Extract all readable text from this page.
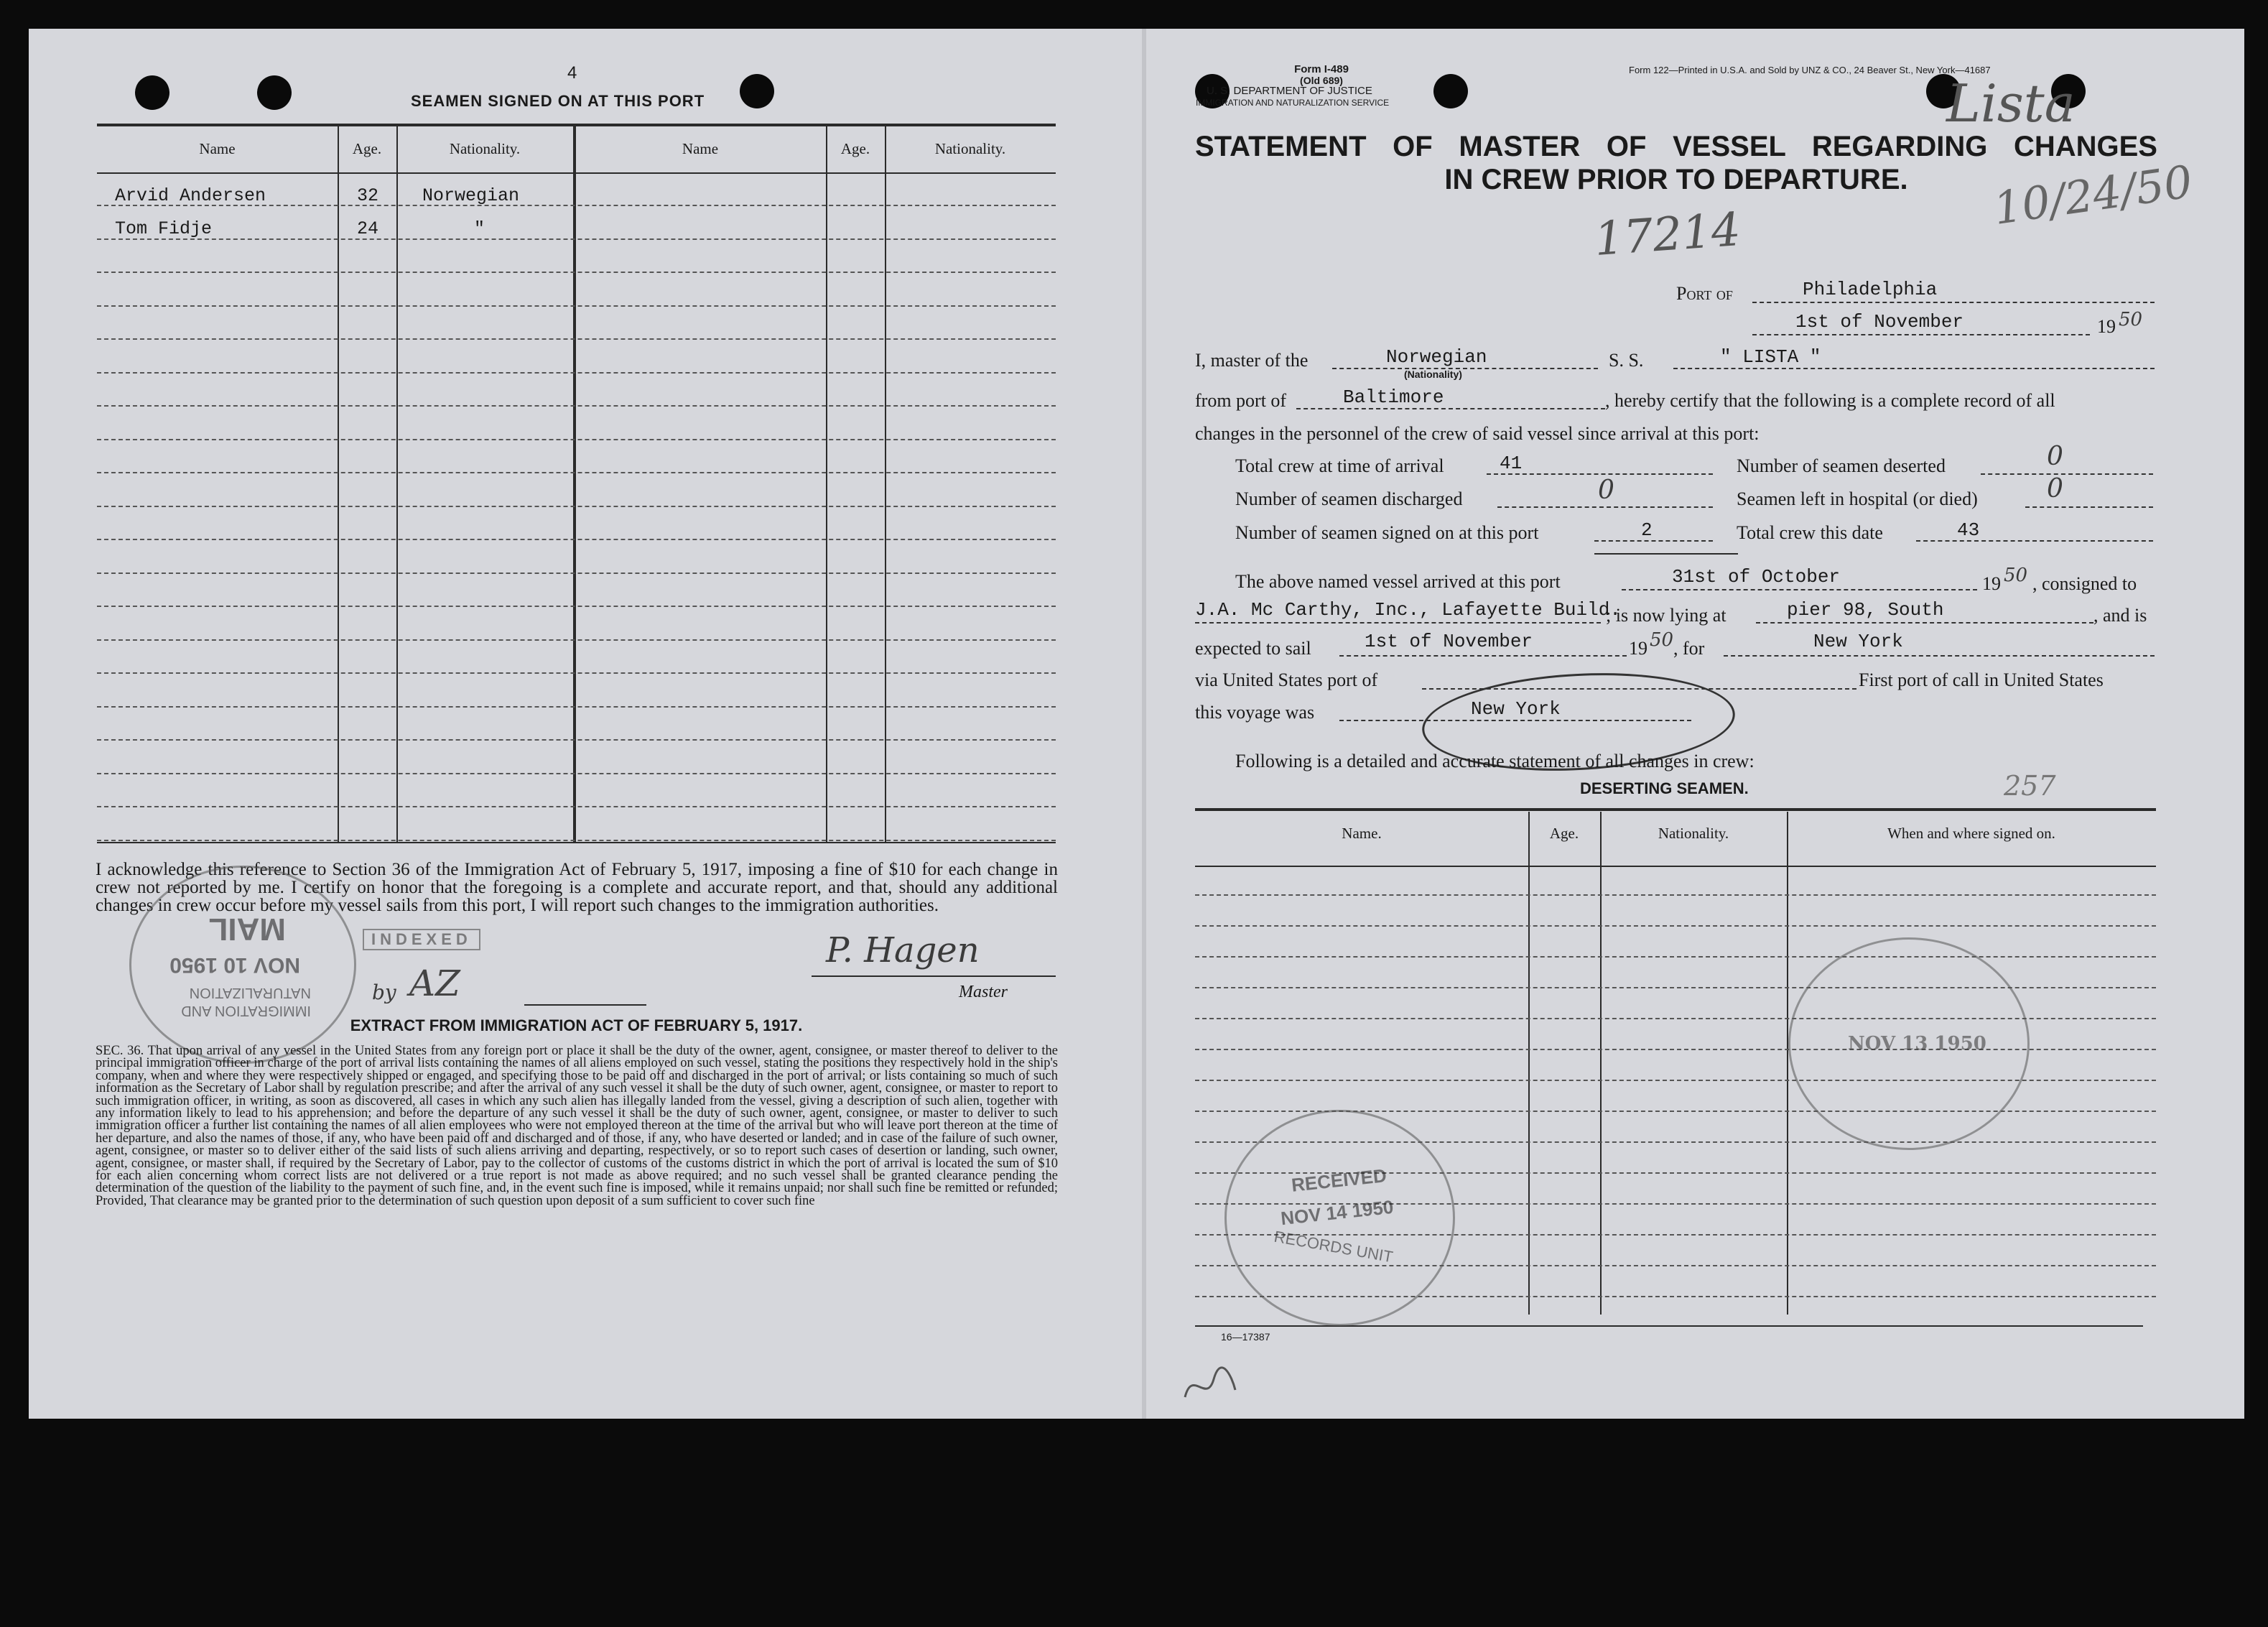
4
SEAMEN SIGNED ON AT THIS PORT
Name	Age.	Nationality.	Name	Age.	Nationality.
Arvid Andersen	32 Norwegian
Tom Fidje	24	"
I acknowledge this reference to Section 36 of the Immigration Act of February 5, 1917, imposing a fine of $10 for each change in crew not reported by me. I certify on honor that the foregoing is a complete and accurate report, and that, should any additional changes in crew occur before my vessel sails from this port, I will report such changes to the immigration authorities.
P. Hagen
Master
INDEXED
by AZ
IMMIGRATION AND
NATURALIZATION
NOV 10 1950
MAIL
EXTRACT FROM IMMIGRATION ACT OF FEBRUARY 5, 1917.
SEC. 36. That upon arrival of any vessel in the United States from any foreign port or place it shall be the duty of the owner, agent, consignee, or master thereof to deliver to the principal immigration officer in charge of the port of arrival lists containing the names of all aliens employed on such vessel, stating the positions they respectively hold in the ship's company, when and where they were respectively shipped or engaged, and specifying those to be paid off and discharged in the port of arrival; or lists containing so much of such information as the Secretary of Labor shall by regulation prescribe; and after the arrival of any such vessel it shall be the duty of such owner, agent, consignee, or master to report to such immigration officer, in writing, as soon as discovered, all cases in which any such alien has illegally landed from the vessel, giving a description of such alien, together with any information likely to lead to his apprehension; and before the departure of any such vessel it shall be the duty of such owner, agent, consignee, or master to deliver to such immigration officer a further list containing the names of all alien employees who were not employed thereon at the time of the arrival but who will leave port thereon at the time of her departure, and also the names of those, if any, who have been paid off and discharged and of those, if any, who have deserted or landed; and in case of the failure of such owner, agent, consignee, or master so to deliver either of the said lists of such aliens arriving and departing, respectively, or so to report such cases of desertion or landing, such owner, agent, consignee, or master shall, if required by the Secretary of Labor, pay to the collector of customs of the customs district in which the port of arrival is located the sum of $10 for each alien concerning whom correct lists are not delivered or a true report is not made as above required; and no such vessel shall be granted clearance pending the determination of the question of the liability to the payment of such fine, and, in the event such fine is imposed, while it remains unpaid; nor shall such fine be remitted or refunded; Provided, That clearance may be granted prior to the determination of such question upon deposit of a sum sufficient to cover such fine
Form I-489
(Old 689)
U. S. DEPARTMENT OF JUSTICE
IMMIGRATION AND NATURALIZATION SERVICE
Form 122—Printed in U.S.A. and Sold by UNZ & CO., 24 Beaver St., New York—41687
Lista
10/24/50
17214
STATEMENT OF MASTER OF VESSEL REGARDING CHANGES
IN CREW PRIOR TO DEPARTURE.
Port of	Philadelphia
1st of November	19 50
I, master of the	Norwegian
(Nationality)
S. S.	" LISTA "
from port of	Baltimore	, hereby certify that the following is a complete record of all
changes in the personnel of the crew of said vessel since arrival at this port:
Total crew at time of arrival	41	Number of seamen deserted	0
Number of seamen discharged	0	Seamen left in hospital (or died)	0
Number of seamen signed on at this port	2	Total crew this date	43
The above named vessel arrived at this port	31st of October	19 50 , consigned to
J.A. Mc Carthy, Inc., Lafayette Build.
; is now lying at	pier 98, South	, and is
expected to sail	1st of November	19 50 , for	New York
via United States port of	First port of call in United States
this voyage was	New York
Following is a detailed and accurate statement of all changes in crew:
DESERTING SEAMEN.	257
Name.	Age.	Nationality.	When and where signed on.
16—17387
NOV 13 1950
RECEIVED
NOV 14 1950
RECORDS UNIT
